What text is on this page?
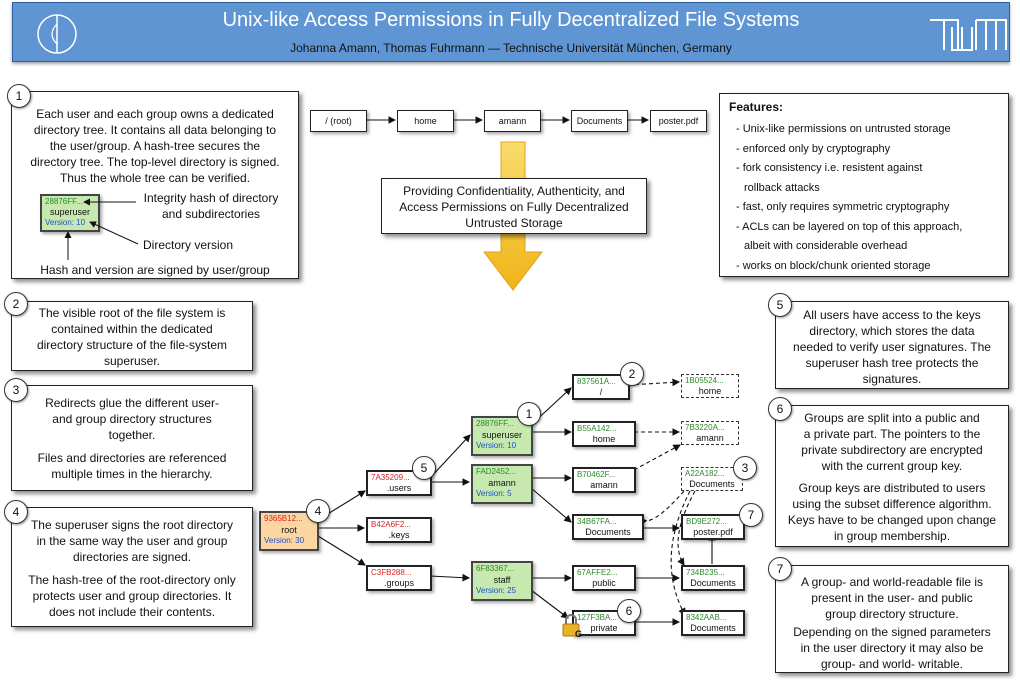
Unix-like Access Permissions in Fully Decentralized File Systems
Johanna Amann, Thomas Fuhrmann — Technische Universität München, Germany
Each user and each group owns a dedicated
directory tree. It contains all data belonging to
the user/group. A hash-tree secures the
directory tree. The top-level directory is signed.
Thus the whole tree can be verified.
28876FF...
superuser
Version: 10
Integrity hash of directory
and subdirectories
Directory version
Hash and version are signed by user/group
1
The visible root of the file system is
contained within the dedicated
directory structure of the file-system
superuser.
2
Redirects glue the different user-
and group directory structures
together.
Files and directories are referenced
multiple times in the hierarchy.
3
The superuser signs the root directory
in the same way the user and group
directories are signed.
The hash-tree of the root-directory only
protects user and group directories. It
does not include their contents.
4
/ (root)	home	amann	Documents	poster.pdf
Providing Confidentiality, Authenticity, and
Access Permissions on Fully Decentralized
Untrusted Storage
Features:
- Unix-like permissions on untrusted storage
- enforced only by cryptography
- fork consistency i.e. resistent against
rollback attacks
- fast, only requires symmetric cryptography
- ACLs can be layered on top of this approach,
albeit with considerable overhead
- works on block/chunk oriented storage
All users have access to the keys
directory, which stores the data
needed to verify user signatures. The
superuser hash tree protects the
signatures.
5
Groups are split into a public and
a private part. The pointers to the
private subdirectory are encrypted
with the current group key.
Group keys are distributed to users
using the subset difference algorithm.
Keys have to be changed upon change
in group membership.
6
A group- and world-readable file is
present in the user- and public
group directory structure.
Depending on the signed parameters
in the user directory it may also be
group- and world- writable.
7
9365B12...
root
Version: 30
7A35209...
.users
B42A6F2...
.keys
C3FB288...
.groups
28876FF...
superuser
Version: 10
FAD2452...
amann
Version: 5
6F83367...
staff
Version: 25
837561A...
/
B55A142...
home
B70462F...
amann
34B67FA...
Documents
67AFFE2...
public
127F3BA...
private
1B05524...
home
7B3220A...
amann
A22A182...
Documents
BD9E272...
poster.pdf
734B235...
Documents
8342AAB...
Documents
G
2
1
3
5
4	7
6
